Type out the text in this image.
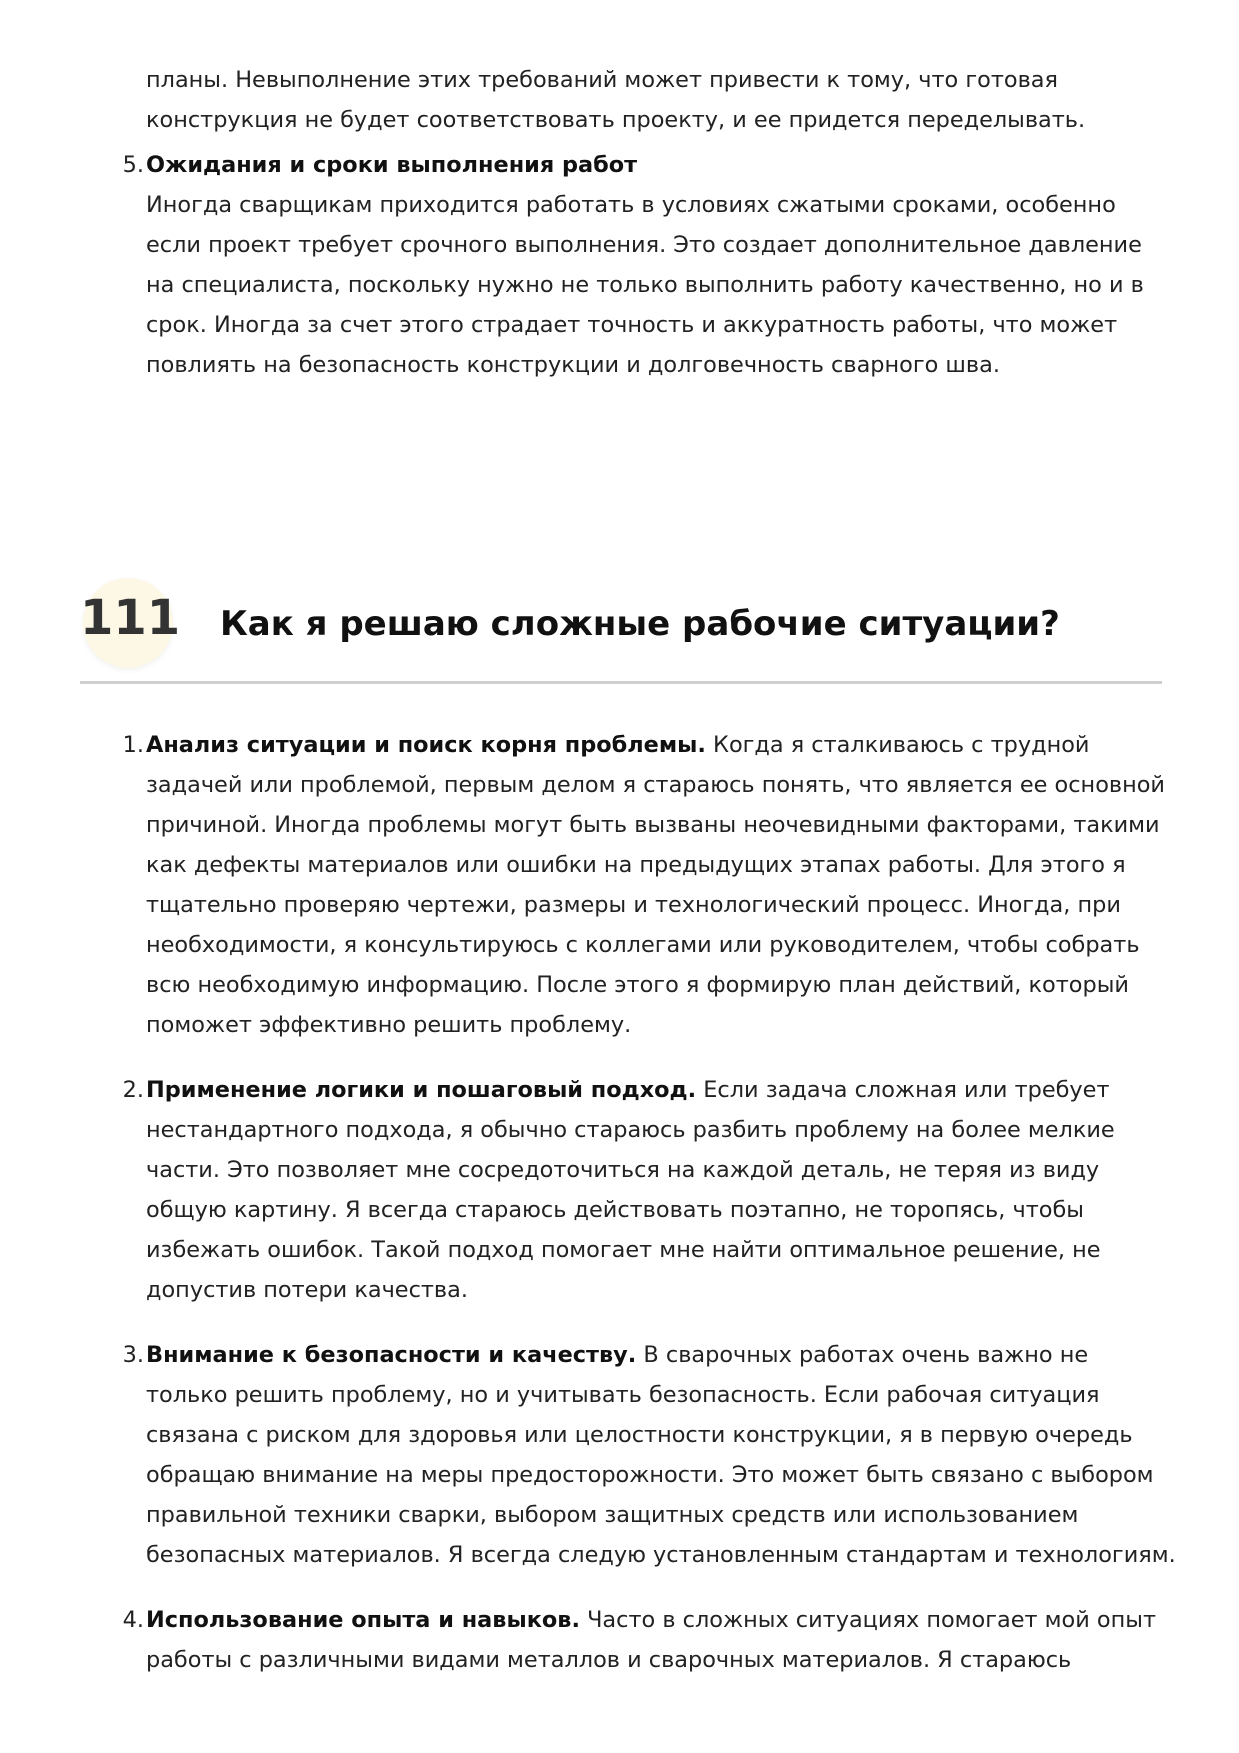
планы. Невыполнение этих требований может привести к тому, что готовая конструкция не будет соответствовать проекту, и ее придется переделывать.

5. Ожидания и сроки выполнения работ
Иногда сварщикам приходится работать в условиях сжатыми сроками, особенно если проект требует срочного выполнения. Это создает дополнительное давление на специалиста, поскольку нужно не только выполнить работу качественно, но и в срок. Иногда за счет этого страдает точность и аккуратность работы, что может повлиять на безопасность конструкции и долговечность сварного шва.
111 Как я решаю сложные рабочие ситуации?
1. Анализ ситуации и поиск корня проблемы. Когда я сталкиваюсь с трудной задачей или проблемой, первым делом я стараюсь понять, что является ее основной причиной. Иногда проблемы могут быть вызваны неочевидными факторами, такими как дефекты материалов или ошибки на предыдущих этапах работы. Для этого я тщательно проверяю чертежи, размеры и технологический процесс. Иногда, при необходимости, я консультируюсь с коллегами или руководителем, чтобы собрать всю необходимую информацию. После этого я формирую план действий, который поможет эффективно решить проблему.
2. Применение логики и пошаговый подход. Если задача сложная или требует нестандартного подхода, я обычно стараюсь разбить проблему на более мелкие части. Это позволяет мне сосредоточиться на каждой деталь, не теряя из виду общую картину. Я всегда стараюсь действовать поэтапно, не торопясь, чтобы избежать ошибок. Такой подход помогает мне найти оптимальное решение, не допустив потери качества.
3. Внимание к безопасности и качеству. В сварочных работах очень важно не только решить проблему, но и учитывать безопасность. Если рабочая ситуация связана с риском для здоровья или целостности конструкции, я в первую очередь обращаю внимание на меры предосторожности. Это может быть связано с выбором правильной техники сварки, выбором защитных средств или использованием безопасных материалов. Я всегда следую установленным стандартам и технологиям.
4. Использование опыта и навыков. Часто в сложных ситуациях помогает мой опыт работы с различными видами металлов и сварочных материалов. Я стараюсь
